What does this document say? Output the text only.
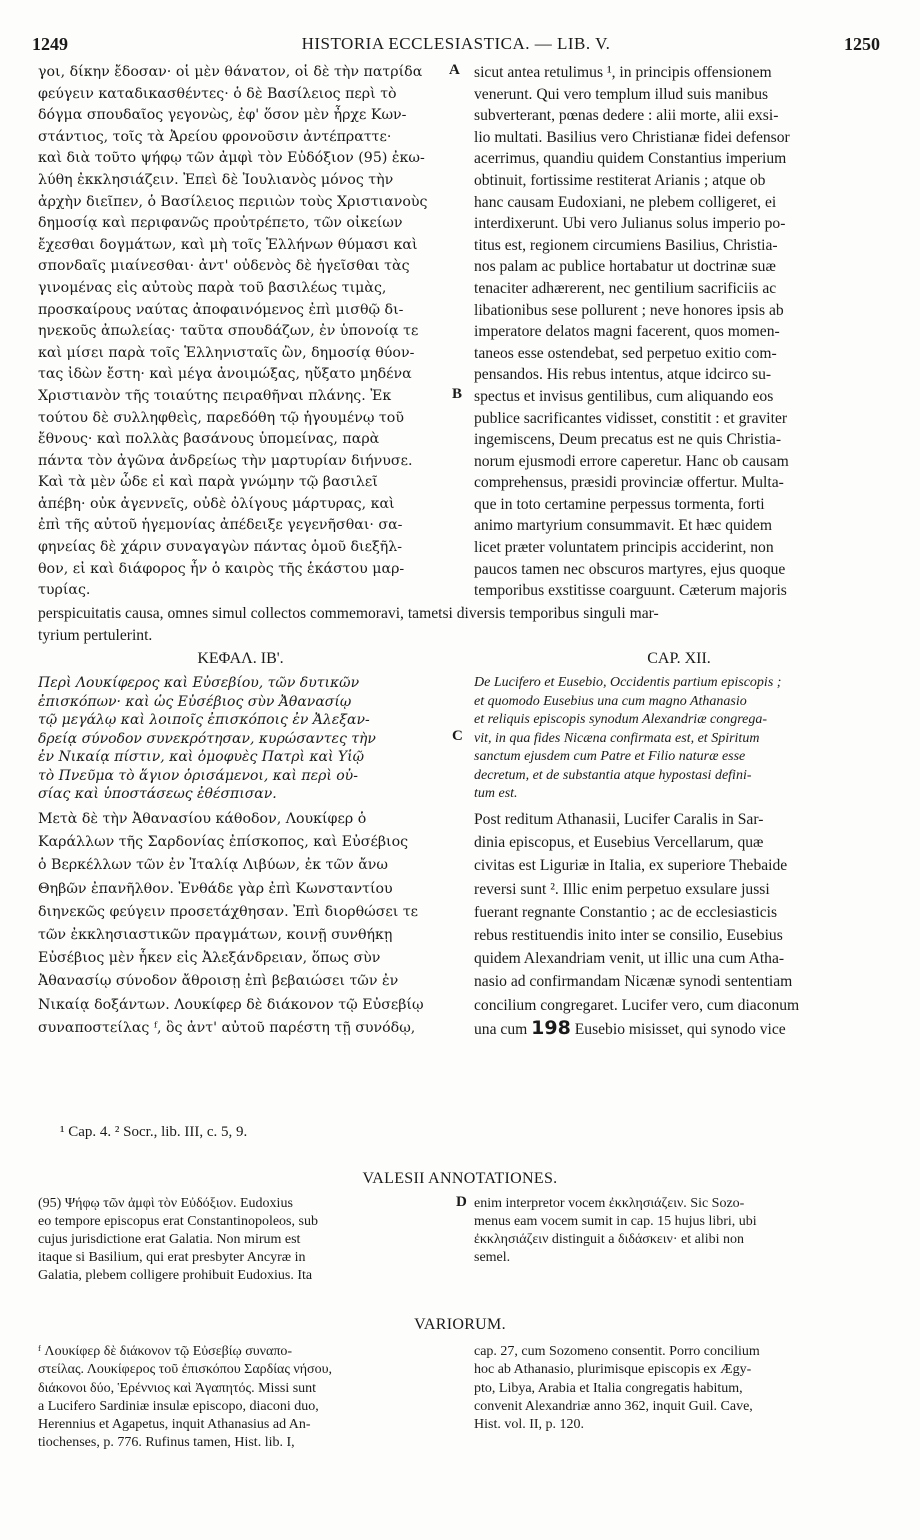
1249	HISTORIA ECCLESIASTICA. — LIB. V.	1250
γοι, δίκην ἔδοσαν· οἱ μὲν θάνατον, οἱ δὲ τὴν πατρίδα
φεύγειν καταδικασθέντες· ὁ δὲ Βασίλειος περὶ τὸ
δόγμα σπουδαῖος γεγονὼς, ἐφ' ὅσον μὲν ἦρχε Κων-
στάντιος, τοῖς τὰ Ἀρείου φρονοῦσιν ἀντέπραττε·
καὶ διὰ τοῦτο ψήφῳ τῶν ἀμφὶ τὸν Εὐδόξιον (95) ἐκω-
λύθη ἐκκλησιάζειν. Ἐπεὶ δὲ Ἰουλιανὸς μόνος τὴν
ἀρχὴν διεῖπεν, ὁ Βασίλειος περιιὼν τοὺς Χριστιανοὺς
δημοσίᾳ καὶ περιφανῶς προὐτρέπετο, τῶν οἰκείων
ἔχεσθαι δογμάτων, καὶ μὴ τοῖς Ἑλλήνων θύμασι καὶ
σπονδαῖς μιαίνεσθαι· ἀντ' οὐδενὸς δὲ ἡγεῖσθαι τὰς
γινομένας εἰς αὐτοὺς παρὰ τοῦ βασιλέως τιμὰς,
προσκαίρους ναύτας ἀποφαινόμενος ἐπὶ μισθῷ δι-
ηνεκοῦς ἀπωλείας· ταῦτα σπουδάζων, ἐν ὑπονοίᾳ τε
καὶ μίσει παρὰ τοῖς Ἑλληνισταῖς ὢν, δημοσίᾳ θύον-
τας ἰδὼν ἔστη· καὶ μέγα ἀνοιμώξας, ηὔξατο μηδένα
Χριστιανὸν τῆς τοιαύτης πειραθῆναι πλάνης. Ἐκ
τούτου δὲ συλληφθεὶς, παρεδόθη τῷ ἡγουμένῳ τοῦ
ἔθνους· καὶ πολλὰς βασάνους ὑπομείνας, παρὰ
πάντα τὸν ἀγῶνα ἀνδρείως τὴν μαρτυρίαν διήνυσε.
Καὶ τὰ μὲν ὧδε εἰ καὶ παρὰ γνώμην τῷ βασιλεῖ
ἀπέβη· οὐκ ἀγεννεῖς, οὐδὲ ὀλίγους μάρτυρας, καὶ
ἐπὶ τῆς αὐτοῦ ἡγεμονίας ἀπέδειξε γεγενῆσθαι· σα-
φηνείας δὲ χάριν συναγαγὼν πάντας ὁμοῦ διεξῆλ-
θον, εἰ καὶ διάφορος ἦν ὁ καιρὸς τῆς ἑκάστου μαρ-
τυρίας.
sicut antea retulimus ¹, in principis offensionem
venerunt. Qui vero templum illud suis manibus
subverterant, pœnas dedere : alii morte, alii exsi-
lio multati. Basilius vero Christianæ fidei defensor
acerrimus, quandiu quidem Constantius imperium
obtinuit, fortissime restiterat Arianis ; atque ob
hanc causam Eudoxiani, ne plebem colligeret, ei
interdixerunt. Ubi vero Julianus solus imperio po-
titus est, regionem circumiens Basilius, Christia-
nos palam ac publice hortabatur ut doctrinæ suæ
tenaciter adhærerent, nec gentilium sacrificiis ac
libationibus sese pollurent ; neve honores ipsis ab
imperatore delatos magni facerent, quos momen-
taneos esse ostendebat, sed perpetuo exitio com-
pensandos. His rebus intentus, atque idcirco su-
spectus et invisus gentilibus, cum aliquando eos
publice sacrificantes vidisset, constitit : et graviter
ingemiscens, Deum precatus est ne quis Christia-
norum ejusmodi errore caperetur. Hanc ob causam
comprehensus, præsidi provinciæ offertur. Multa-
que in toto certamine perpessus tormenta, forti
animo martyrium consummavit. Et hæc quidem
licet præter voluntatem principis acciderint, non
paucos tamen nec obscuros martyres, ejus quoque
temporibus exstitisse coarguunt. Cæterum majoris
A
B
perspicuitatis causa, omnes simul collectos commemoravi, tametsi diversis temporibus singuli mar-
tyrium pertulerint.
ΚΕΦΑΛ. ΙΒ'.	CAP. XII.
Περὶ Λουκίφερος καὶ Εὐσεβίου, τῶν δυτικῶν
ἐπισκόπων· καὶ ὡς Εὐσέβιος σὺν Ἀθανασίῳ
τῷ μεγάλῳ καὶ λοιποῖς ἐπισκόποις ἐν Ἀλεξαν-
δρείᾳ σύνοδον συνεκρότησαν, κυρώσαντες τὴν
ἐν Νικαίᾳ πίστιν, καὶ ὁμοφυὲς Πατρὶ καὶ Υἱῷ
τὸ Πνεῦμα τὸ ἅγιον ὁρισάμενοι, καὶ περὶ οὐ-
σίας καὶ ὑποστάσεως ἐθέσπισαν.
De Lucifero et Eusebio, Occidentis partium episcopis ;
et quomodo Eusebius una cum magno Athanasio
et reliquis episcopis synodum Alexandriæ congrega-
vit, in qua fides Nicæna confirmata est, et Spiritum
sanctum ejusdem cum Patre et Filio naturæ esse
decretum, et de substantia atque hypostasi defini-
tum est.
C
Μετὰ δὲ τὴν Ἀθανασίου κάθοδον, Λουκίφερ ὁ
Καράλλων τῆς Σαρδονίας ἐπίσκοπος, καὶ Εὐσέβιος
ὁ Βερκέλλων τῶν ἐν Ἰταλίᾳ Λιβύων, ἐκ τῶν ἄνω
Θηβῶν ἐπανῆλθον. Ἐνθάδε γὰρ ἐπὶ Κωνσταντίου
διηνεκῶς φεύγειν προσετάχθησαν. Ἐπὶ διορθώσει τε
τῶν ἐκκλησιαστικῶν πραγμάτων, κοινῇ συνθήκῃ
Εὐσέβιος μὲν ἧκεν εἰς Ἀλεξάνδρειαν, ὅπως σὺν
Ἀθανασίῳ σύνοδον ἄθροισῃ ἐπὶ βεβαιώσει τῶν ἐν
Νικαίᾳ δοξάντων. Λουκίφερ δὲ διάκονον τῷ Εὐσεβίῳ
συναποστείλας ᶠ, ὃς ἀντ' αὐτοῦ παρέστη τῇ συνόδῳ,
Post reditum Athanasii, Lucifer Caralis in Sar-
dinia episcopus, et Eusebius Vercellarum, quæ
civitas est Liguriæ in Italia, ex superiore Thebaide
reversi sunt ². Illic enim perpetuo exsulare jussi
fuerant regnante Constantio ; ac de ecclesiasticis
rebus restituendis inito inter se consilio, Eusebius
quidem Alexandriam venit, ut illic una cum Atha-
nasio ad confirmandam Nicænæ synodi sententiam
concilium congregaret. Lucifer vero, cum diaconum
una cum 198 Eusebio misisset, qui synodo vice
¹ Cap. 4. ² Socr., lib. III, c. 5, 9.
VALESII ANNOTATIONES.
(95) Ψήφῳ τῶν ἀμφὶ τὸν Εὐδόξιον. Eudoxius
eo tempore episcopus erat Constantinopoleos, sub
cujus jurisdictione erat Galatia. Non mirum est
itaque si Basilium, qui erat presbyter Ancyræ in
Galatia, plebem colligere prohibuit Eudoxius. Ita
enim interpretor vocem ἐκκλησιάζειν. Sic Sozo-
menus eam vocem sumit in cap. 15 hujus libri, ubi
ἐκκλησιάζειν distinguit a διδάσκειν· et alibi non
semel.
D
VARIORUM.
ᶠ Λουκίφερ δὲ διάκονον τῷ Εὐσεβίῳ συναπο-
στείλας. Λουκίφερος τοῦ ἐπισκόπου Σαρδίας νήσου,
διάκονοι δύο, Ἑρέννιος καὶ Ἀγαπητός. Missi sunt
a Lucifero Sardiniæ insulæ episcopo, diaconi duo,
Herennius et Agapetus, inquit Athanasius ad An-
tiochenses, p. 776. Rufinus tamen, Hist. lib. I,
cap. 27, cum Sozomeno consentit. Porro concilium
hoc ab Athanasio, plurimisque episcopis ex Ægy-
pto, Libya, Arabia et Italia congregatis habitum,
convenit Alexandriæ anno 362, inquit Guil. Cave,
Hist. vol. II, p. 120.
